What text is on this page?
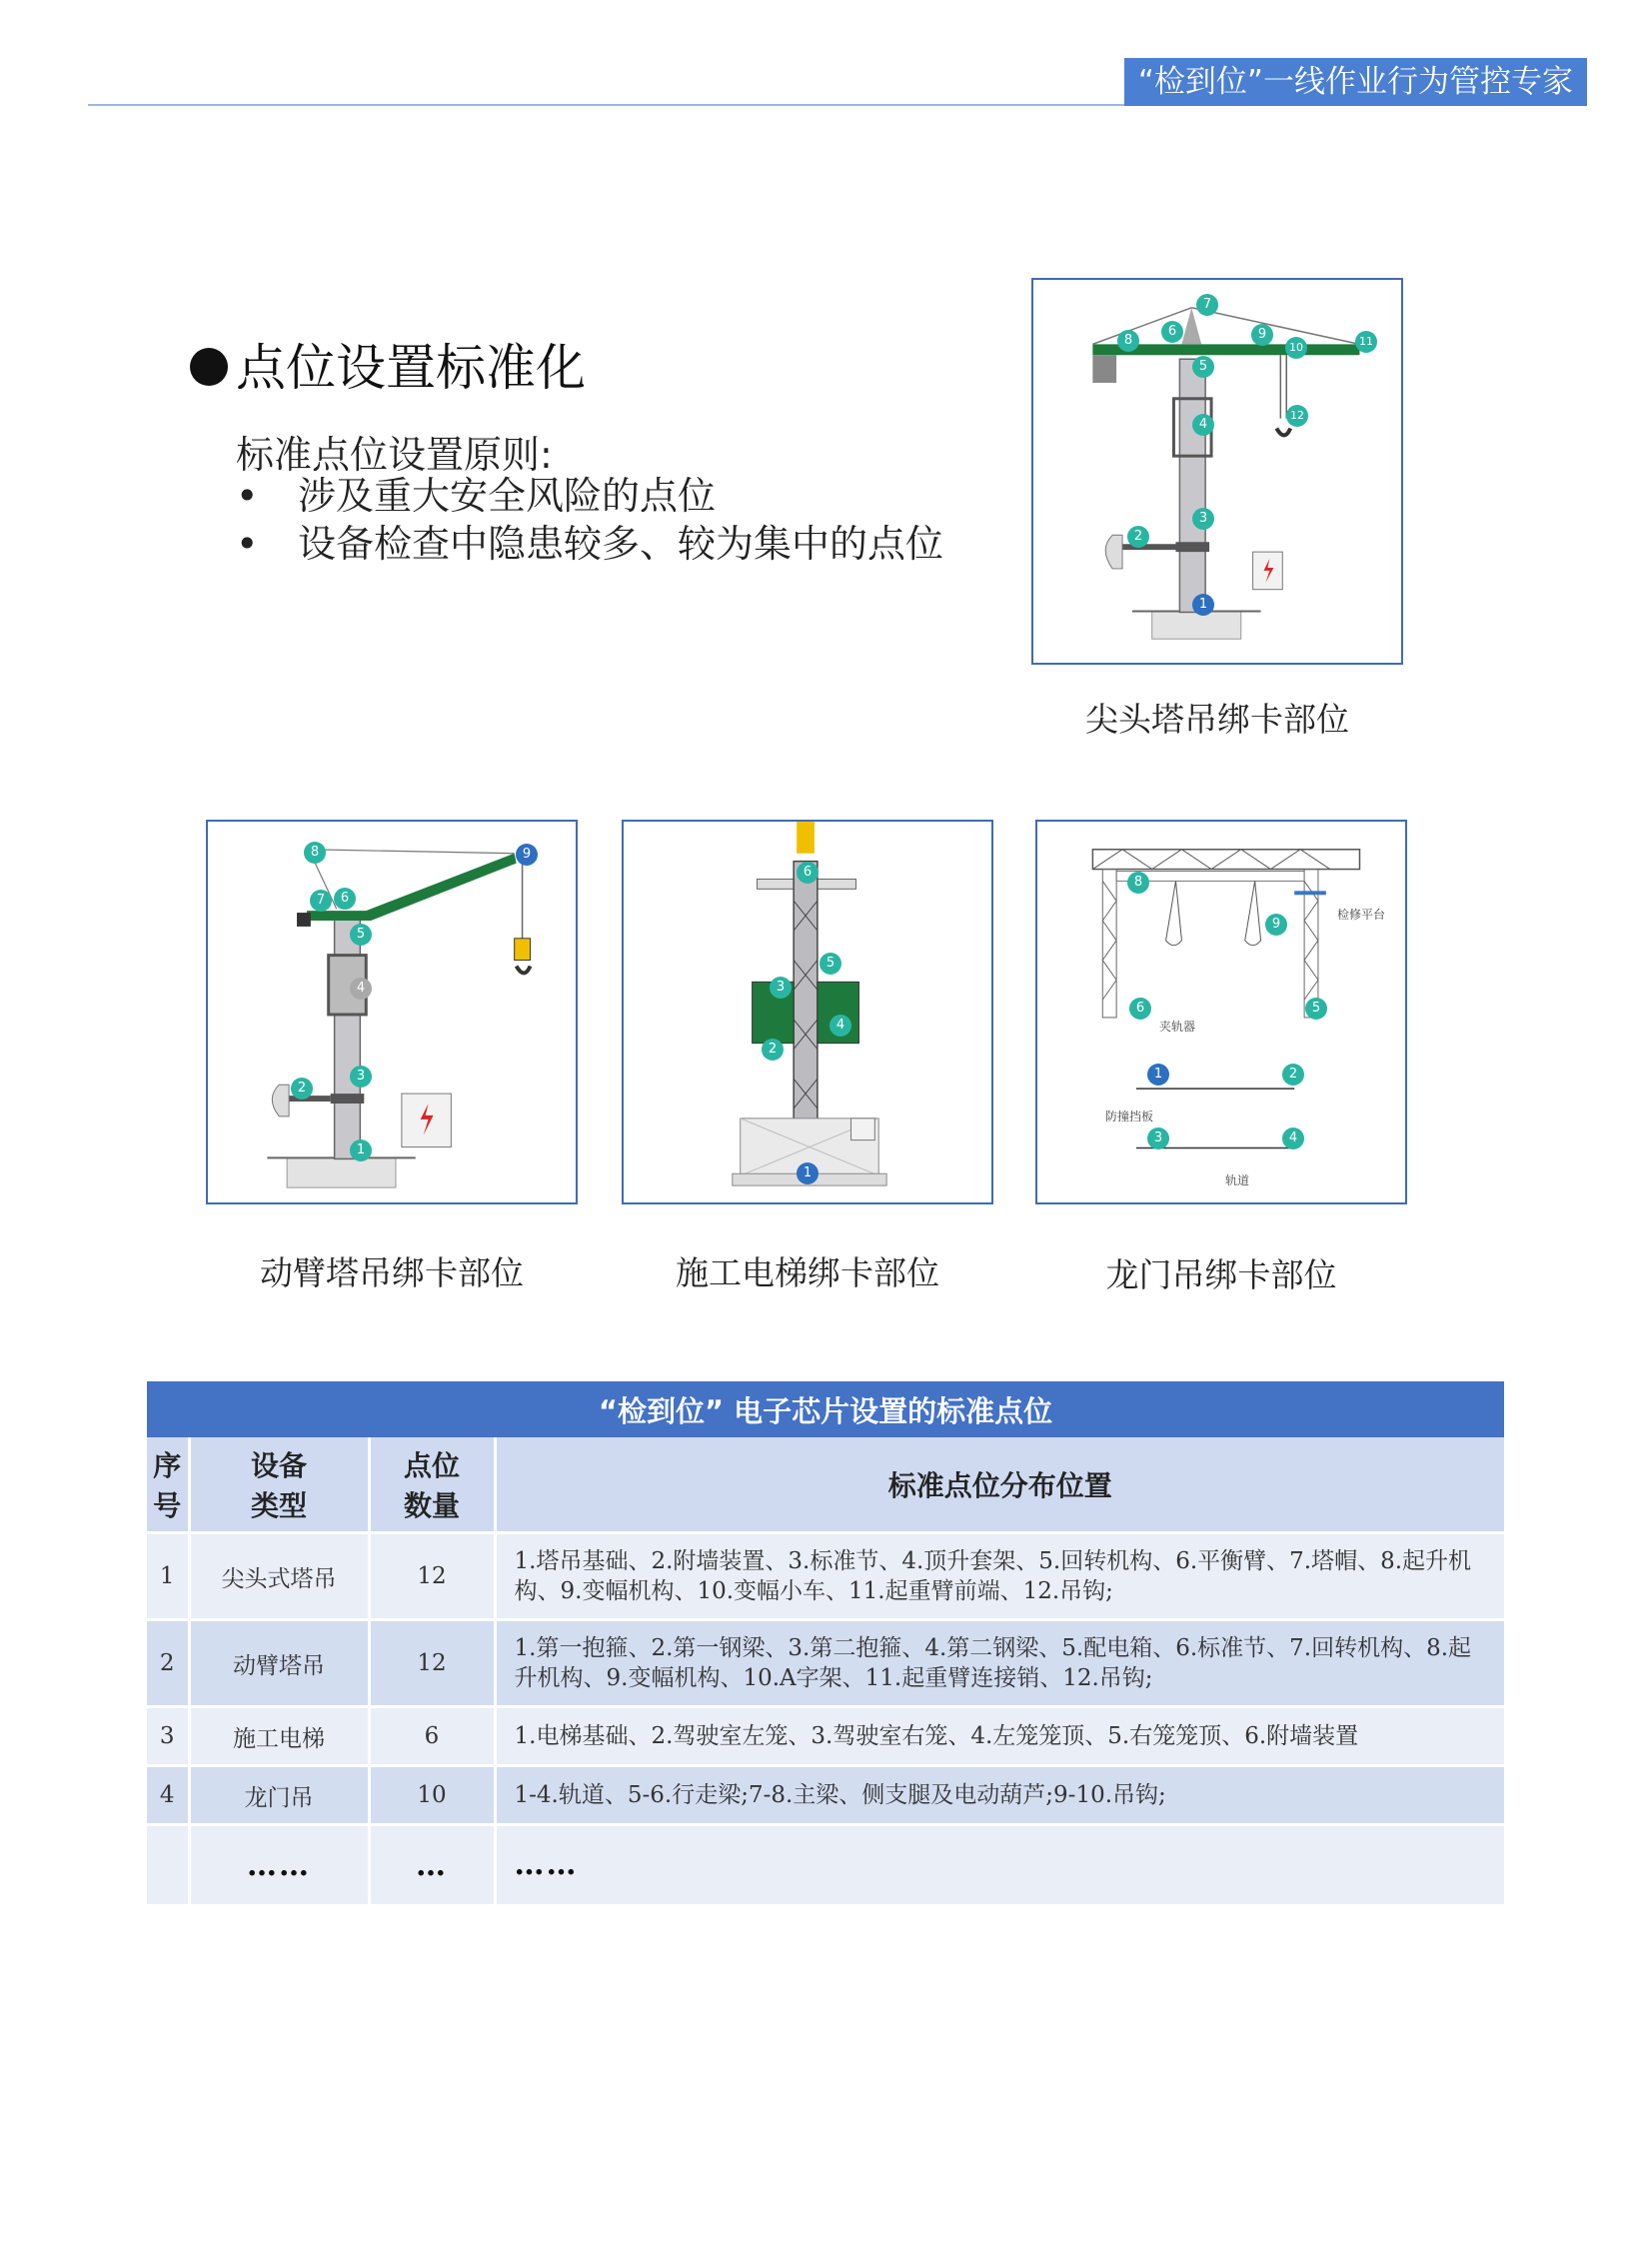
“检到位”一线作业行为管控专家
点位设置标准化
标准点位设置原则:
• 涉及重大安全风险的点位
• 设备检查中隐患较多、较为集中的点位
1
2
3
4
5
6
7
8	9
10	11
12
尖头塔吊绑卡部位
1
2
3
4
5
6
7
8	9
动臂塔吊绑卡部位
1
2
3
4
5
6
施工电梯绑卡部位
1	2
3	4
5
6
8
9
检修平台
夹轨器
防撞挡板
轨道
龙门吊绑卡部位
“检到位” 电子芯片设置的标准点位			
序号	设备类型	点位数量	标准点位分布位置
1	尖头式塔吊	12	1.塔吊基础、2.附墙装置、3.标准节、4.顶升套架、5.回转机构、6.平衡臂、7.塔帽、8.起升机构、9.变幅机构、10.变幅小车、11.起重臂前端、12.吊钩;
2	动臂塔吊	12	1.第一抱箍、2.第一钢梁、3.第二抱箍、4.第二钢梁、5.配电箱、6.标准节、7.回转机构、8.起升机构、9.变幅机构、10.A字架、11.起重臂连接销、12.吊钩;
3	施工电梯	6	1.电梯基础、2.驾驶室左笼、3.驾驶室右笼、4.左笼笼顶、5.右笼笼顶、6.附墙装置
4	龙门吊	10	1-4.轨道、5-6.行走梁;7-8.主梁、侧支腿及电动葫芦;9-10.吊钩;
	……	…	……
